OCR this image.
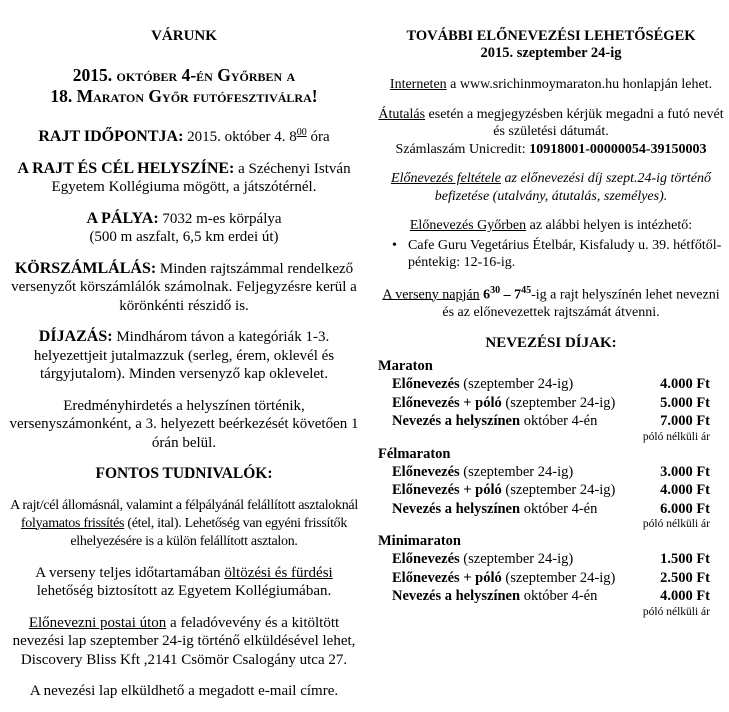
VÁRUNK

2015. október 4-én Győrben a
18. Maraton Győr futófesztiválra!

RAJT IDŐPONTJA: 2015. október 4. $8^{00}$ óra

A RAJT ÉS CÉL HELYSZÍNE: a Széchenyi István Egyetem Kollégiuma mögött, a játszótérnél.

A PÁLYA: 7032 m-es körpálya
(500 m aszfalt, 6,5 km erdei út)

KÖRSZÁMLÁLÁS: Minden rajtszámmal rendelkező versenyzőt körszámlálók számolnak. Feljegyzésre kerül a körönkénti részidő is.

DÍJAZÁS: Mindhárom távon a kategóriák 1-3. helyezettjeit jutalmazzuk (serleg, érem, oklevél és tárgyjutalom). Minden versenyző kap oklevelet.

Eredményhirdetés a helyszínen történik, versenyszámonként, a 3. helyezett beérkezését követően 1 órán belül.

FONTOS TUDNIVALÓK:

A rajt/cél állomásnál, valamint a félpályánál felállított asztaloknál folyamatos frissítés (étel, ital). Lehetőség van egyéni frissítők elhelyezésére is a külön felállított asztalon.

A verseny teljes időtartamában öltözési és fürdési lehetőség biztosított az Egyetem Kollégiumában.

Előnevezni postai úton a feladóvevény és a kitöltött nevezési lap szeptember 24-ig történő elküldésével lehet, Discovery Bliss Kft ,2141 Csömör Csalogány utca 27.

A nevezési lap elküldhető a megadott e-mail címre.

TOVÁBBI ELŐNEVEZÉSI LEHETŐSÉGEK
2015. szeptember 24-ig

Interneten a www.srichinmoymaraton.hu honlapján lehet.

Átutalás esetén a megjegyzésben kérjük megadni a futó nevét és születési dátumát.

Számlaszám Unicredit: 10918001-00000054-39150003

Előnevezés feltétele az előnevezési díj szept.24-ig történő befizetése (utalvány, átutalás, személyes).

Előnevezés Győrben az alábbi helyen is intézhető:

• Cafe Guru Vegetárius Ételbár, Kisfaludy u. 39. hétfőtől-péntekig: 12-16-ig.

A verseny napján $6^{30} - 7^{45}-ig$ a rajt helyszínén lehet nevezni és az előnevezettek rajtszámát átvenni.

NEVEZÉSI DÍJAK:

Maraton

Előnevezés (szeptember 24-ig)	4.000 Ft
Előnevezés + póló (szeptember 24-ig)	5.000 Ft
Nevezés a helyszínen október 4-én	7.000 Ft

póló nélküli ár

Félmaraton

Előnevezés (szeptember 24-ig)	3.000 Ft
Előnevezés + póló (szeptember 24-ig)	4.000 Ft
Nevezés a helyszínen október 4-én	6.000 Ft

póló nélküli ár

Minimaraton

Előnevezés (szeptember 24-ig)	1.500 Ft
Előnevezés + póló (szeptember 24-ig)	2.500 Ft
Nevezés a helyszínen október 4-én	4.000 Ft

póló nélküli ár
